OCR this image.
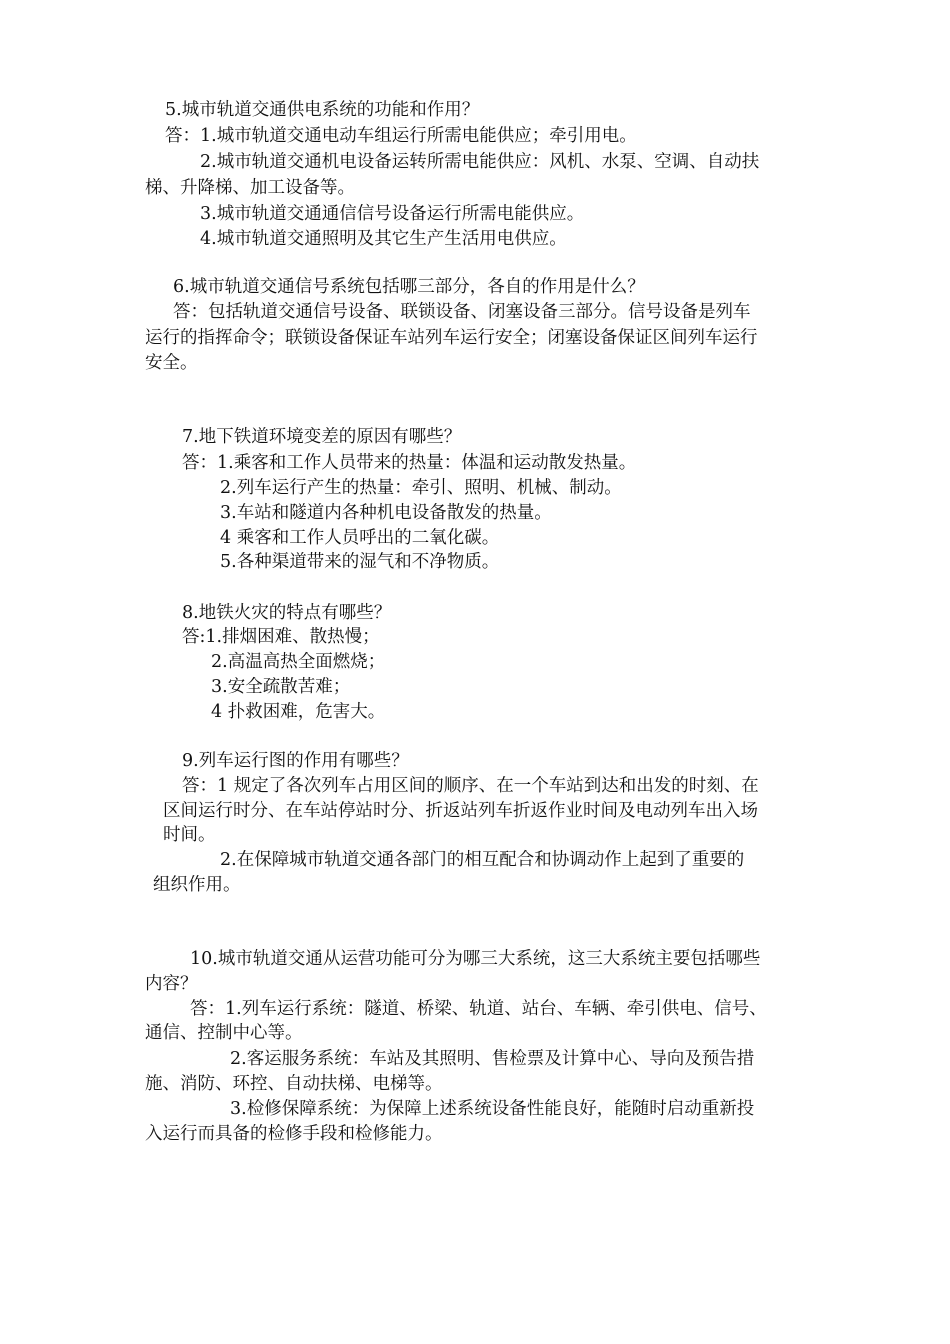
5.城市轨道交通供电系统的功能和作用？
答：1.城市轨道交通电动车组运行所需电能供应；牵引用电。
2.城市轨道交通机电设备运转所需电能供应：风机、水泵、空调、自动扶
梯、升降梯、加工设备等。
3.城市轨道交通通信信号设备运行所需电能供应。
4.城市轨道交通照明及其它生产生活用电供应。
6.城市轨道交通信号系统包括哪三部分，各自的作用是什么？
答：包括轨道交通信号设备、联锁设备、闭塞设备三部分。信号设备是列车
运行的指挥命令；联锁设备保证车站列车运行安全；闭塞设备保证区间列车运行
安全。
7.地下铁道环境变差的原因有哪些？
答：1.乘客和工作人员带来的热量：体温和运动散发热量。
2.列车运行产生的热量：牵引、照明、机械、制动。
3.车站和隧道内各种机电设备散发的热量。
4 乘客和工作人员呼出的二氧化碳。
5.各种渠道带来的湿气和不净物质。
8.地铁火灾的特点有哪些？
答:1.排烟困难、散热慢；
2.高温高热全面燃烧；
3.安全疏散苦难；
4 扑救困难，危害大。
9.列车运行图的作用有哪些？
答：1 规定了各次列车占用区间的顺序、在一个车站到达和出发的时刻、在
区间运行时分、在车站停站时分、折返站列车折返作业时间及电动列车出入场
时间。
2.在保障城市轨道交通各部门的相互配合和协调动作上起到了重要的
组织作用。
10.城市轨道交通从运营功能可分为哪三大系统，这三大系统主要包括哪些
内容？
答：1.列车运行系统：隧道、桥梁、轨道、站台、车辆、牵引供电、信号、
通信、控制中心等。
2.客运服务系统：车站及其照明、售检票及计算中心、导向及预告措
施、消防、环控、自动扶梯、电梯等。
3.检修保障系统：为保障上述系统设备性能良好，能随时启动重新投
入运行而具备的检修手段和检修能力。
